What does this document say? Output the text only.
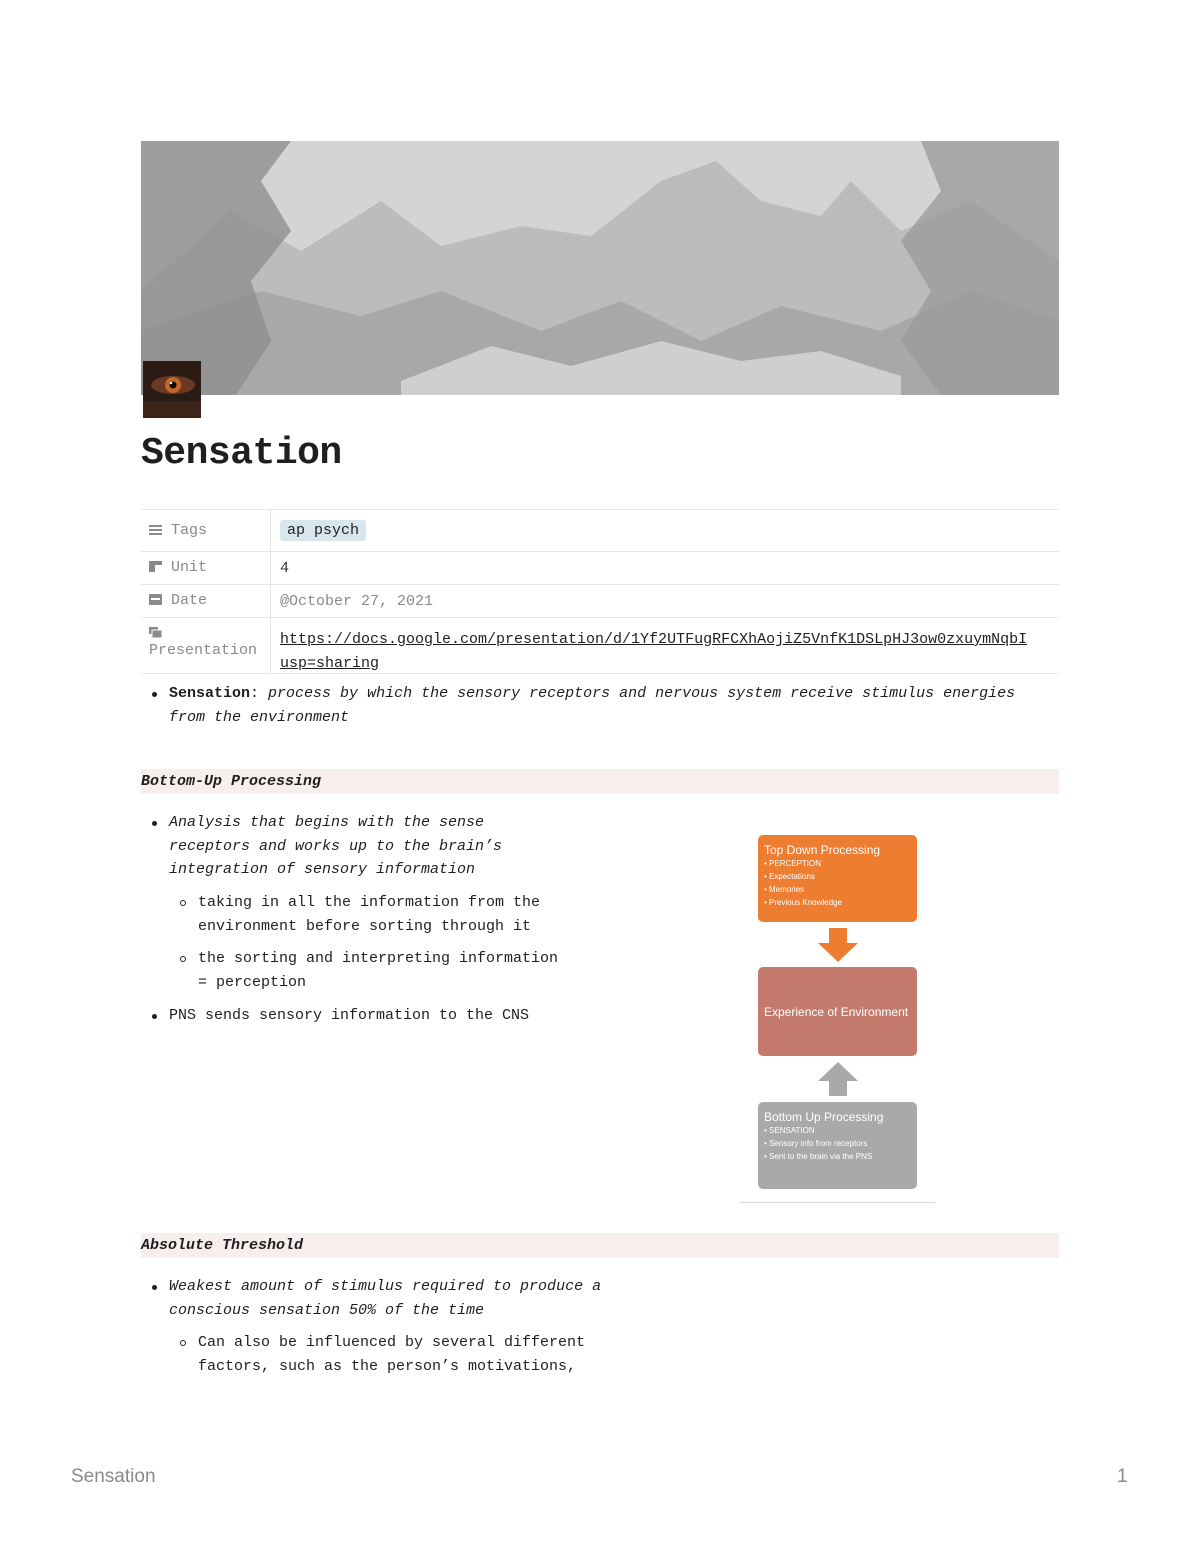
Sensation
Tags	ap psych
Unit	4
Date	@October 27, 2021
Presentation
https://docs.google.com/presentation/d/1Yf2UTFugRFCXhAojiZ5VnfK1DSLpHJ3ow0zxuymNqbI
usp=sharing
Sensation: process by which the sensory receptors and nervous system receive stimulus energies
from the environment
Bottom-Up Processing
Analysis that begins with the sense
receptors and works up to the brain’s
integration of sensory information
taking in all the information from the
environment before sorting through it
the sorting and interpreting information
= perception
PNS sends sensory information to the CNS
Top Down Processing
• PERCEPTION
• Expectations
• Memories
• Previous Knowledge
Experience of Environment
Bottom Up Processing
• SENSATION
• Sensory info from receptors
• Sent to the brain via the PNS
Absolute Threshold
Weakest amount of stimulus required to produce a
conscious sensation 50% of the time
Can also be influenced by several different
factors, such as the person’s motivations,
Sensation	1
